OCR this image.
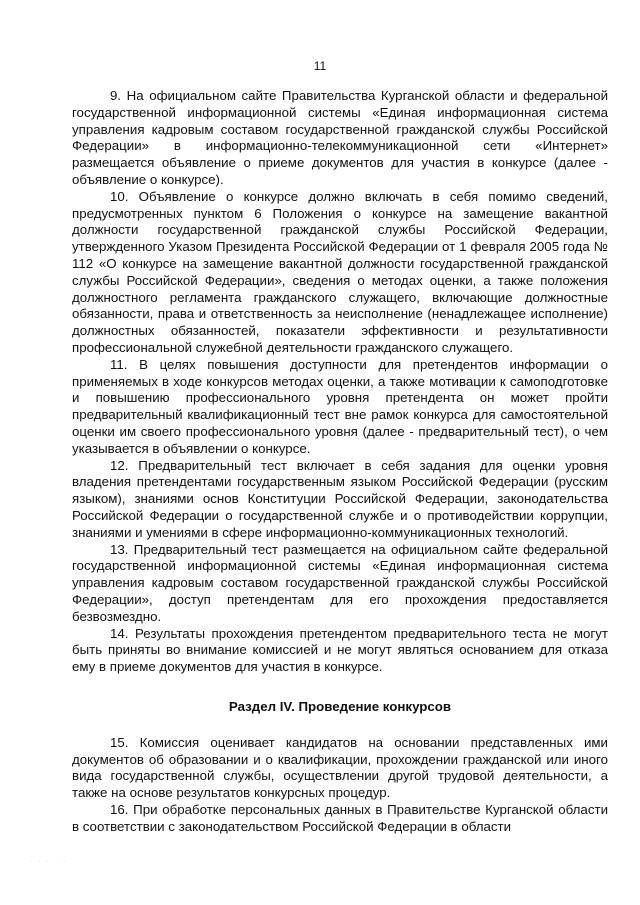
11

9. На официальном сайте Правительства Курганской области и федеральной государственной информационной системы «Единая информационная система управления кадровым составом государственной гражданской службы Российской Федерации» в информационно-телекоммуникационной сети «Интернет» размещается объявление о приеме документов для участия в конкурсе (далее - объявление о конкурсе).

10. Объявление о конкурсе должно включать в себя помимо сведений, предусмотренных пунктом 6 Положения о конкурсе на замещение вакантной должности государственной гражданской службы Российской Федерации, утвержденного Указом Президента Российской Федерации от 1 февраля 2005 года № 112 «О конкурсе на замещение вакантной должности государственной гражданской службы Российской Федерации», сведения о методах оценки, а также положения должностного регламента гражданского служащего, включающие должностные обязанности, права и ответственность за неисполнение (ненадлежащее исполнение) должностных обязанностей, показатели эффективности и результативности профессиональной служебной деятельности гражданского служащего.

11. В целях повышения доступности для претендентов информации о применяемых в ходе конкурсов методах оценки, а также мотивации к самоподготовке и повышению профессионального уровня претендента он может пройти предварительный квалификационный тест вне рамок конкурса для самостоятельной оценки им своего профессионального уровня (далее - предварительный тест), о чем указывается в объявлении о конкурсе.

12. Предварительный тест включает в себя задания для оценки уровня владения претендентами государственным языком Российской Федерации (русским языком), знаниями основ Конституции Российской Федерации, законодательства Российской Федерации о государственной службе и о противодействии коррупции, знаниями и умениями в сфере информационно-коммуникационных технологий.

13. Предварительный тест размещается на официальном сайте федеральной государственной информационной системы «Единая информационная система управления кадровым составом государственной гражданской службы Российской Федерации», доступ претендентам для его прохождения предоставляется безвозмездно.

14. Результаты прохождения претендентом предварительного теста не могут быть приняты во внимание комиссией и не могут являться основанием для отказа ему в приеме документов для участия в конкурсе.

Раздел IV. Проведение конкурсов

15. Комиссия оценивает кандидатов на основании представленных ими документов об образовании и о квалификации, прохождении гражданской или иного вида государственной службы, осуществлении другой трудовой деятельности, а также на основе результатов конкурсных процедур.

16. При обработке персональных данных в Правительстве Курганской области в соответствии с законодательством Российской Федерации в области

· · · · ·
